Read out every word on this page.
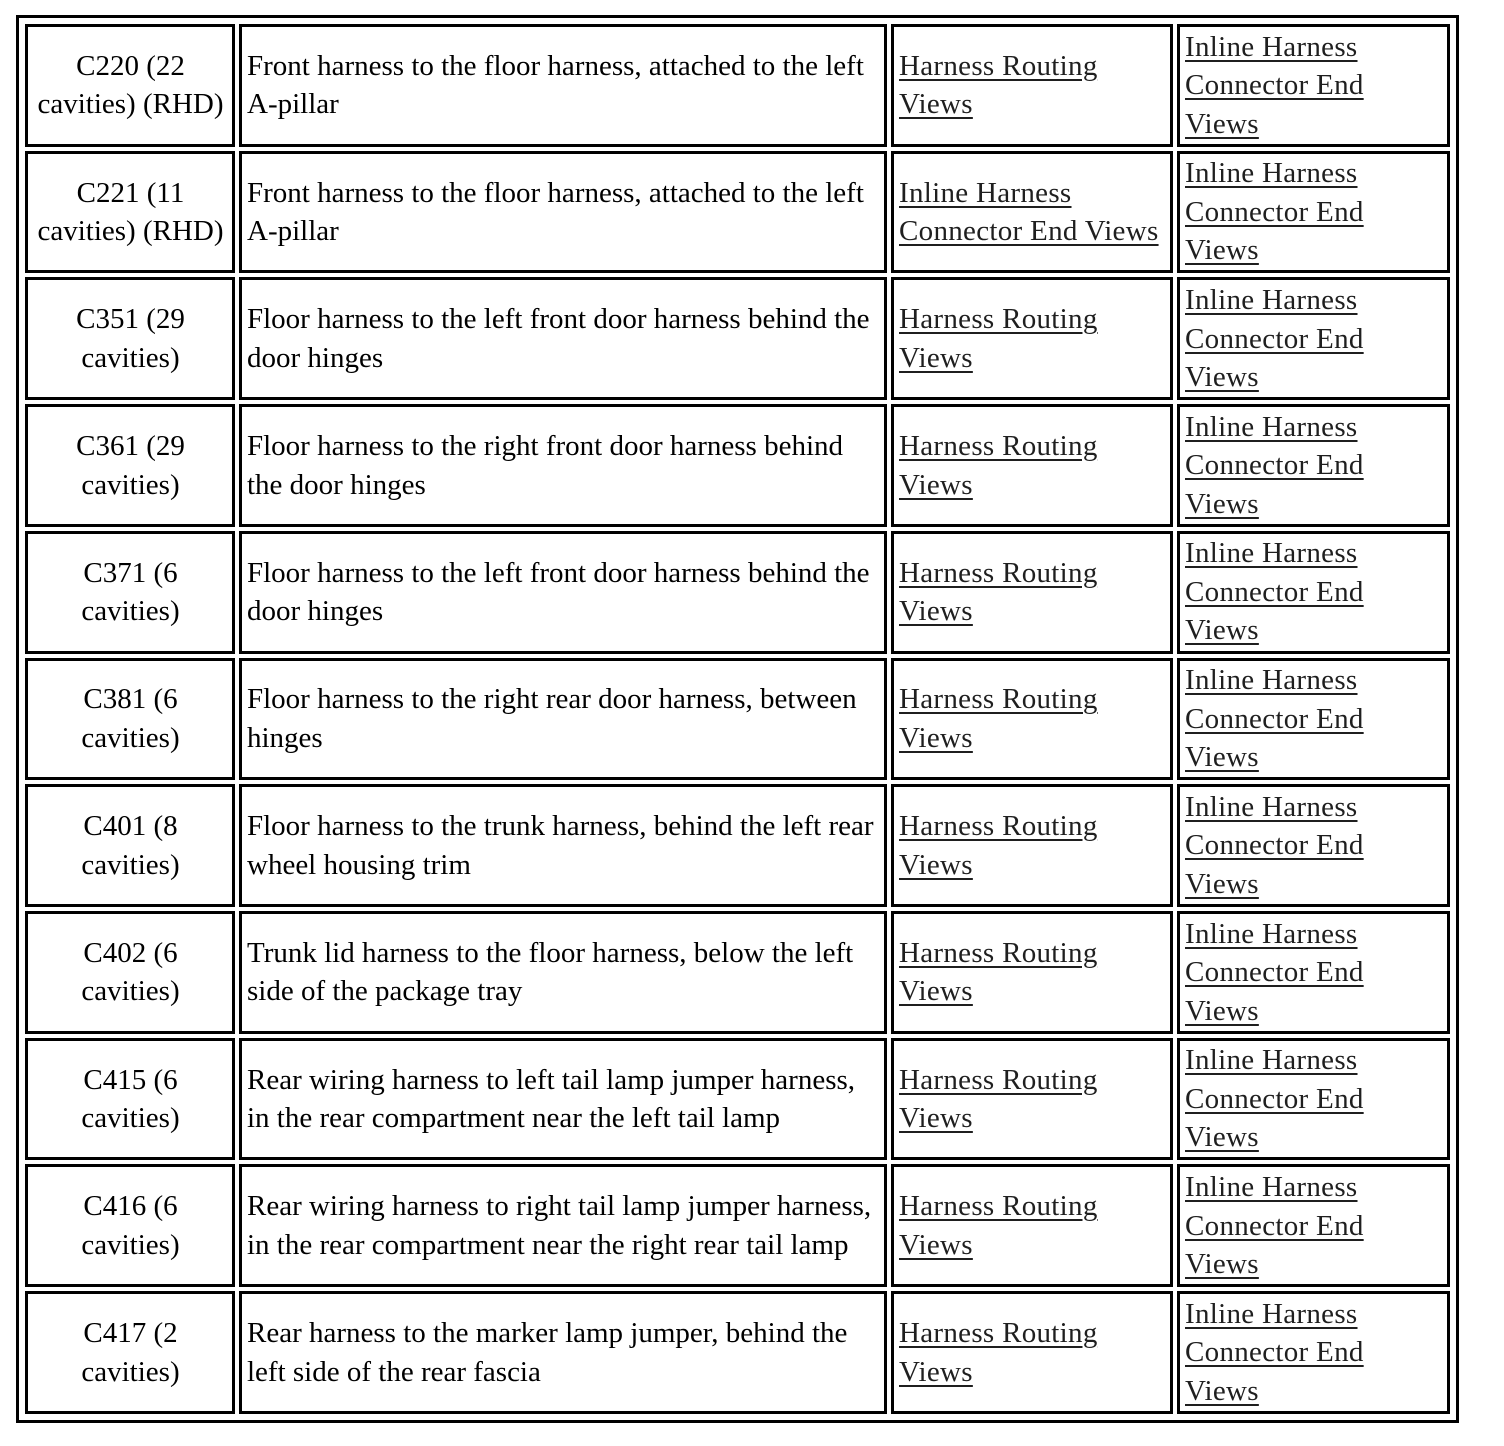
C220 (22 cavities) (RHD)	Front harness to the floor harness, attached to the left A-pillar	Harness Routing Views	Inline Harness Connector End Views
C221 (11 cavities) (RHD)	Front harness to the floor harness, attached to the left A-pillar	Inline Harness Connector End Views	Inline Harness Connector End Views
C351 (29 cavities)	Floor harness to the left front door harness behind the door hinges	Harness Routing Views	Inline Harness Connector End Views
C361 (29 cavities)	Floor harness to the right front door harness behind the door hinges	Harness Routing Views	Inline Harness Connector End Views
C371 (6 cavities)	Floor harness to the left front door harness behind the door hinges	Harness Routing Views	Inline Harness Connector End Views
C381 (6 cavities)	Floor harness to the right rear door harness, between hinges	Harness Routing Views	Inline Harness Connector End Views
C401 (8 cavities)	Floor harness to the trunk harness, behind the left rear wheel housing trim	Harness Routing Views	Inline Harness Connector End Views
C402 (6 cavities)	Trunk lid harness to the floor harness, below the left side of the package tray	Harness Routing Views	Inline Harness Connector End Views
C415 (6 cavities)	Rear wiring harness to left tail lamp jumper harness, in the rear compartment near the left tail lamp	Harness Routing Views	Inline Harness Connector End Views
C416 (6 cavities)	Rear wiring harness to right tail lamp jumper harness, in the rear compartment near the right rear tail lamp	Harness Routing Views	Inline Harness Connector End Views
C417 (2 cavities)	Rear harness to the marker lamp jumper, behind the left side of the rear fascia	Harness Routing Views	Inline Harness Connector End Views
